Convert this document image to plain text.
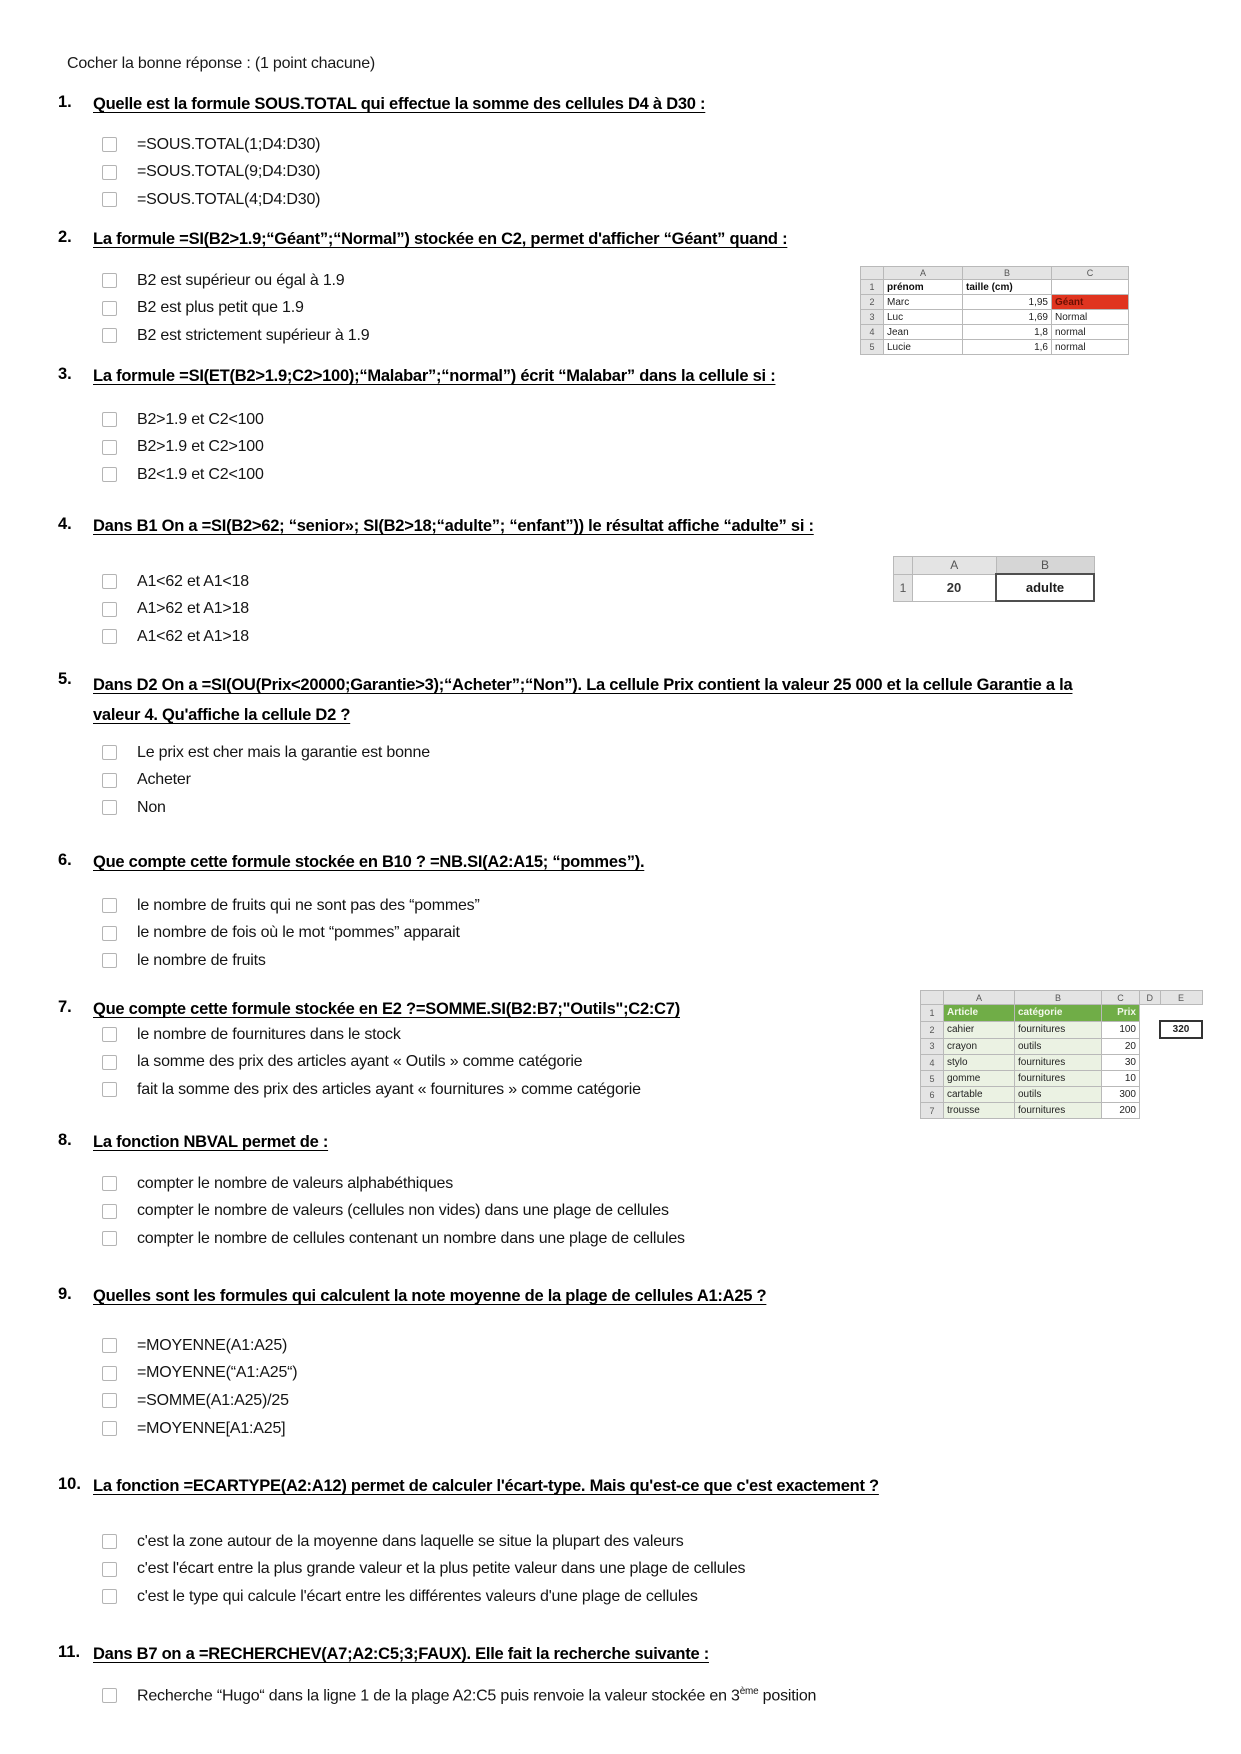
Cocher la bonne réponse : (1 point chacune)
1. Quelle est la formule SOUS.TOTAL qui effectue la somme des cellules D4 à D30 :
=SOUS.TOTAL(1;D4:D30)
=SOUS.TOTAL(9;D4:D30)
=SOUS.TOTAL(4;D4:D30)
2. La formule =SI(B2>1.9;“Géant”;“Normal”) stockée en C2, permet d'afficher “Géant” quand :
B2 est supérieur ou égal à 1.9
B2 est plus petit que 1.9
B2 est strictement supérieur à 1.9
	A	B	C
1	prénom	taille (cm)	
2	Marc	1,95	Géant
3	Luc	1,69	Normal
4	Jean	1,8	normal
5	Lucie	1,6	normal
3. La formule =SI(ET(B2>1.9;C2>100);“Malabar”;“normal”) écrit “Malabar” dans la cellule si :
B2>1.9 et C2<100
B2>1.9 et C2>100
B2<1.9 et C2<100
4. Dans B1 On a =SI(B2>62; “senior»; SI(B2>18;“adulte”; “enfant”)) le résultat affiche “adulte” si :
A1<62 et A1<18
A1>62 et A1>18
A1<62 et A1>18
	A	B
1	20	adulte
5. Dans D2 On a =SI(OU(Prix<20000;Garantie>3);“Acheter”;“Non”). La cellule Prix contient la valeur 25 000 et la cellule Garantie a la valeur 4. Qu'affiche la cellule D2 ?
Le prix est cher mais la garantie est bonne
Acheter
Non
6. Que compte cette formule stockée en B10 ? =NB.SI(A2:A15; “pommes”).
le nombre de fruits qui ne sont pas des “pommes”
le nombre de fois où le mot “pommes” apparait
le nombre de fruits
7. Que compte cette formule stockée en E2 ?=SOMME.SI(B2:B7;"Outils";C2:C7)
le nombre de fournitures dans le stock
la somme des prix des articles ayant « Outils » comme catégorie
fait la somme des prix des articles ayant « fournitures » comme catégorie
	A	B	C	D	E
1	Article	catégorie	Prix		
2	cahier	fournitures	100		320
3	crayon	outils	20		
4	stylo	fournitures	30		
5	gomme	fournitures	10		
6	cartable	outils	300		
7	trousse	fournitures	200		
8. La fonction NBVAL permet de :
compter le nombre de valeurs alphabéthiques
compter le nombre de valeurs (cellules non vides) dans une plage de cellules
compter le nombre de cellules contenant un nombre dans une plage de cellules
9. Quelles sont les formules qui calculent la note moyenne de la plage de cellules A1:A25 ?
=MOYENNE(A1:A25)
=MOYENNE(“A1:A25“)
=SOMME(A1:A25)/25
=MOYENNE[A1:A25]
10. La fonction =ECARTYPE(A2:A12) permet de calculer l'écart-type. Mais qu'est-ce que c'est exactement ?
c'est la zone autour de la moyenne dans laquelle se situe la plupart des valeurs
c'est l'écart entre la plus grande valeur et la plus petite valeur dans une plage de cellules
c'est le type qui calcule l'écart entre les différentes valeurs d'une plage de cellules
11. Dans B7 on a =RECHERCHEV(A7;A2:C5;3;FAUX). Elle fait la recherche suivante :
Recherche “Hugo“ dans la ligne 1 de la plage A2:C5 puis renvoie la valeur stockée en 3ème position
